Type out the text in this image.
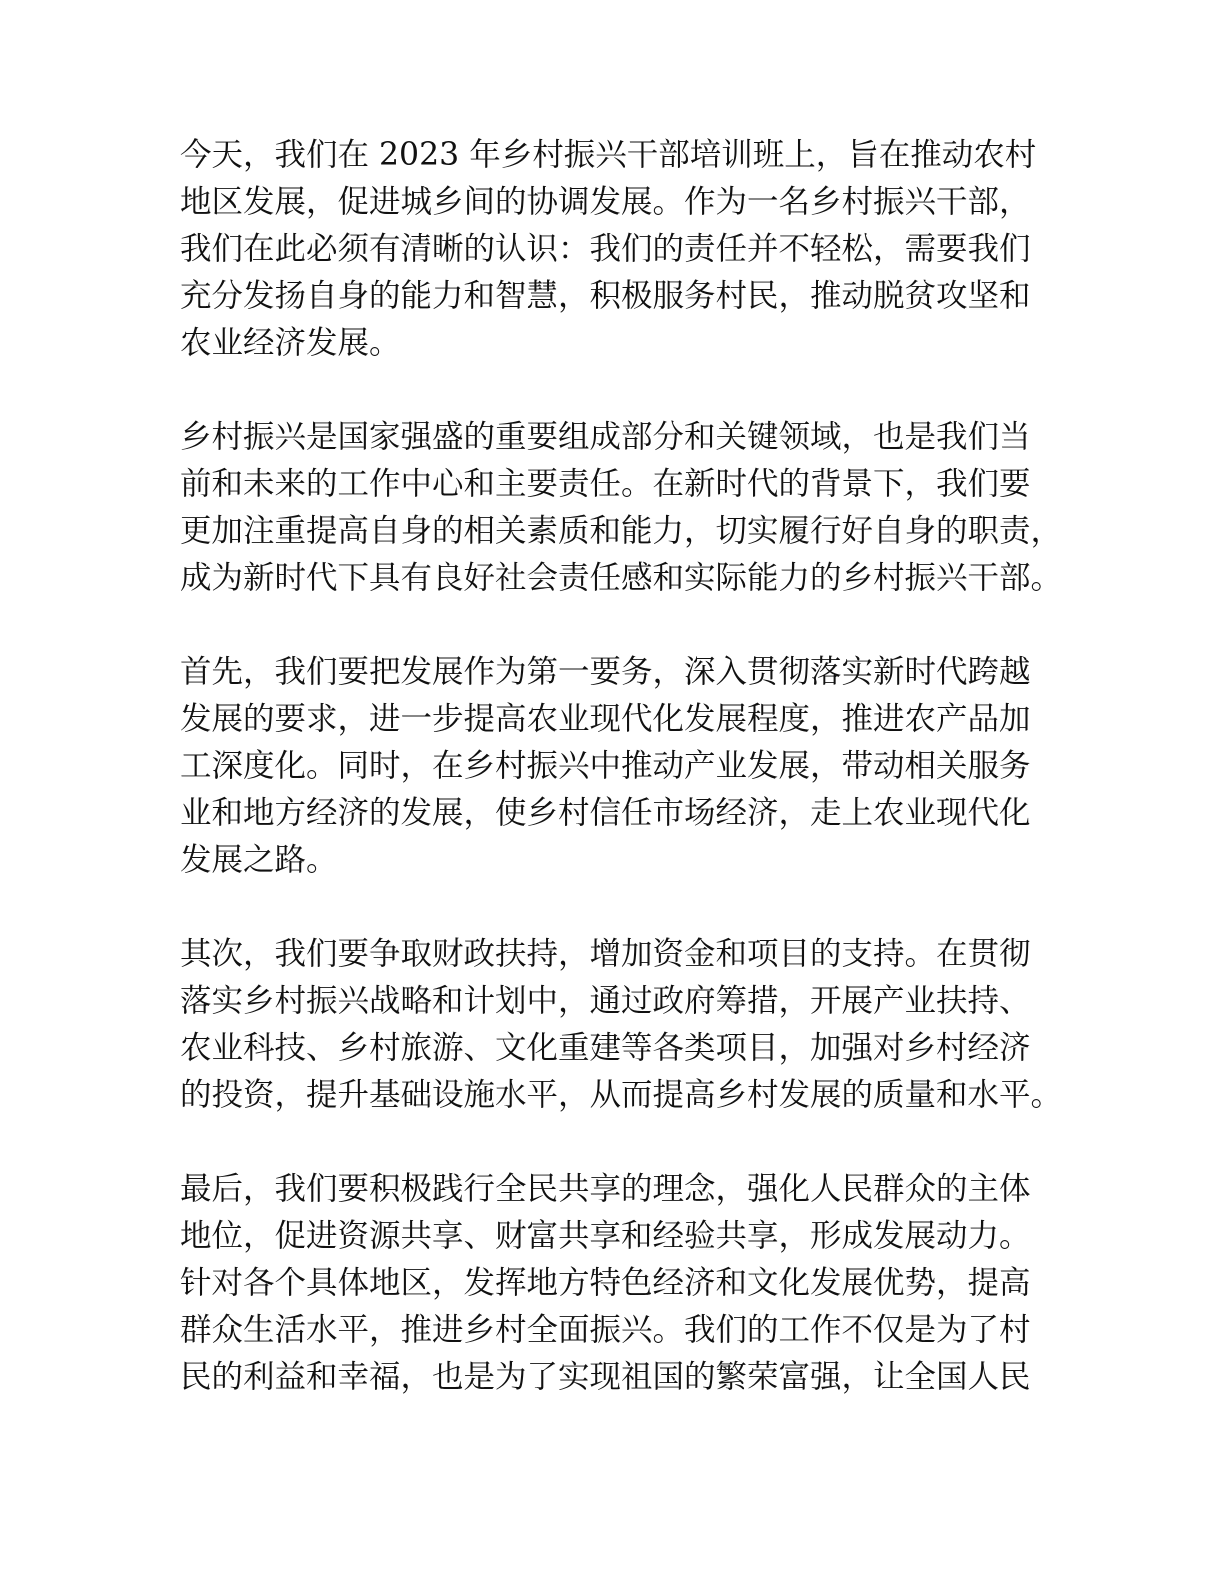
今天，我们在 2023 年乡村振兴干部培训班上，旨在推动农村
地区发展，促进城乡间的协调发展。作为一名乡村振兴干部，
我们在此必须有清晰的认识：我们的责任并不轻松，需要我们
充分发扬自身的能力和智慧，积极服务村民，推动脱贫攻坚和
农业经济发展。
乡村振兴是国家强盛的重要组成部分和关键领域，也是我们当
前和未来的工作中心和主要责任。在新时代的背景下，我们要
更加注重提高自身的相关素质和能力，切实履行好自身的职责，
成为新时代下具有良好社会责任感和实际能力的乡村振兴干部。
首先，我们要把发展作为第一要务，深入贯彻落实新时代跨越
发展的要求，进一步提高农业现代化发展程度，推进农产品加
工深度化。同时，在乡村振兴中推动产业发展，带动相关服务
业和地方经济的发展，使乡村信任市场经济，走上农业现代化
发展之路。
其次，我们要争取财政扶持，增加资金和项目的支持。在贯彻
落实乡村振兴战略和计划中，通过政府筹措，开展产业扶持、
农业科技、乡村旅游、文化重建等各类项目，加强对乡村经济
的投资，提升基础设施水平，从而提高乡村发展的质量和水平。
最后，我们要积极践行全民共享的理念，强化人民群众的主体
地位，促进资源共享、财富共享和经验共享，形成发展动力。
针对各个具体地区，发挥地方特色经济和文化发展优势，提高
群众生活水平，推进乡村全面振兴。我们的工作不仅是为了村
民的利益和幸福，也是为了实现祖国的繁荣富强，让全国人民
